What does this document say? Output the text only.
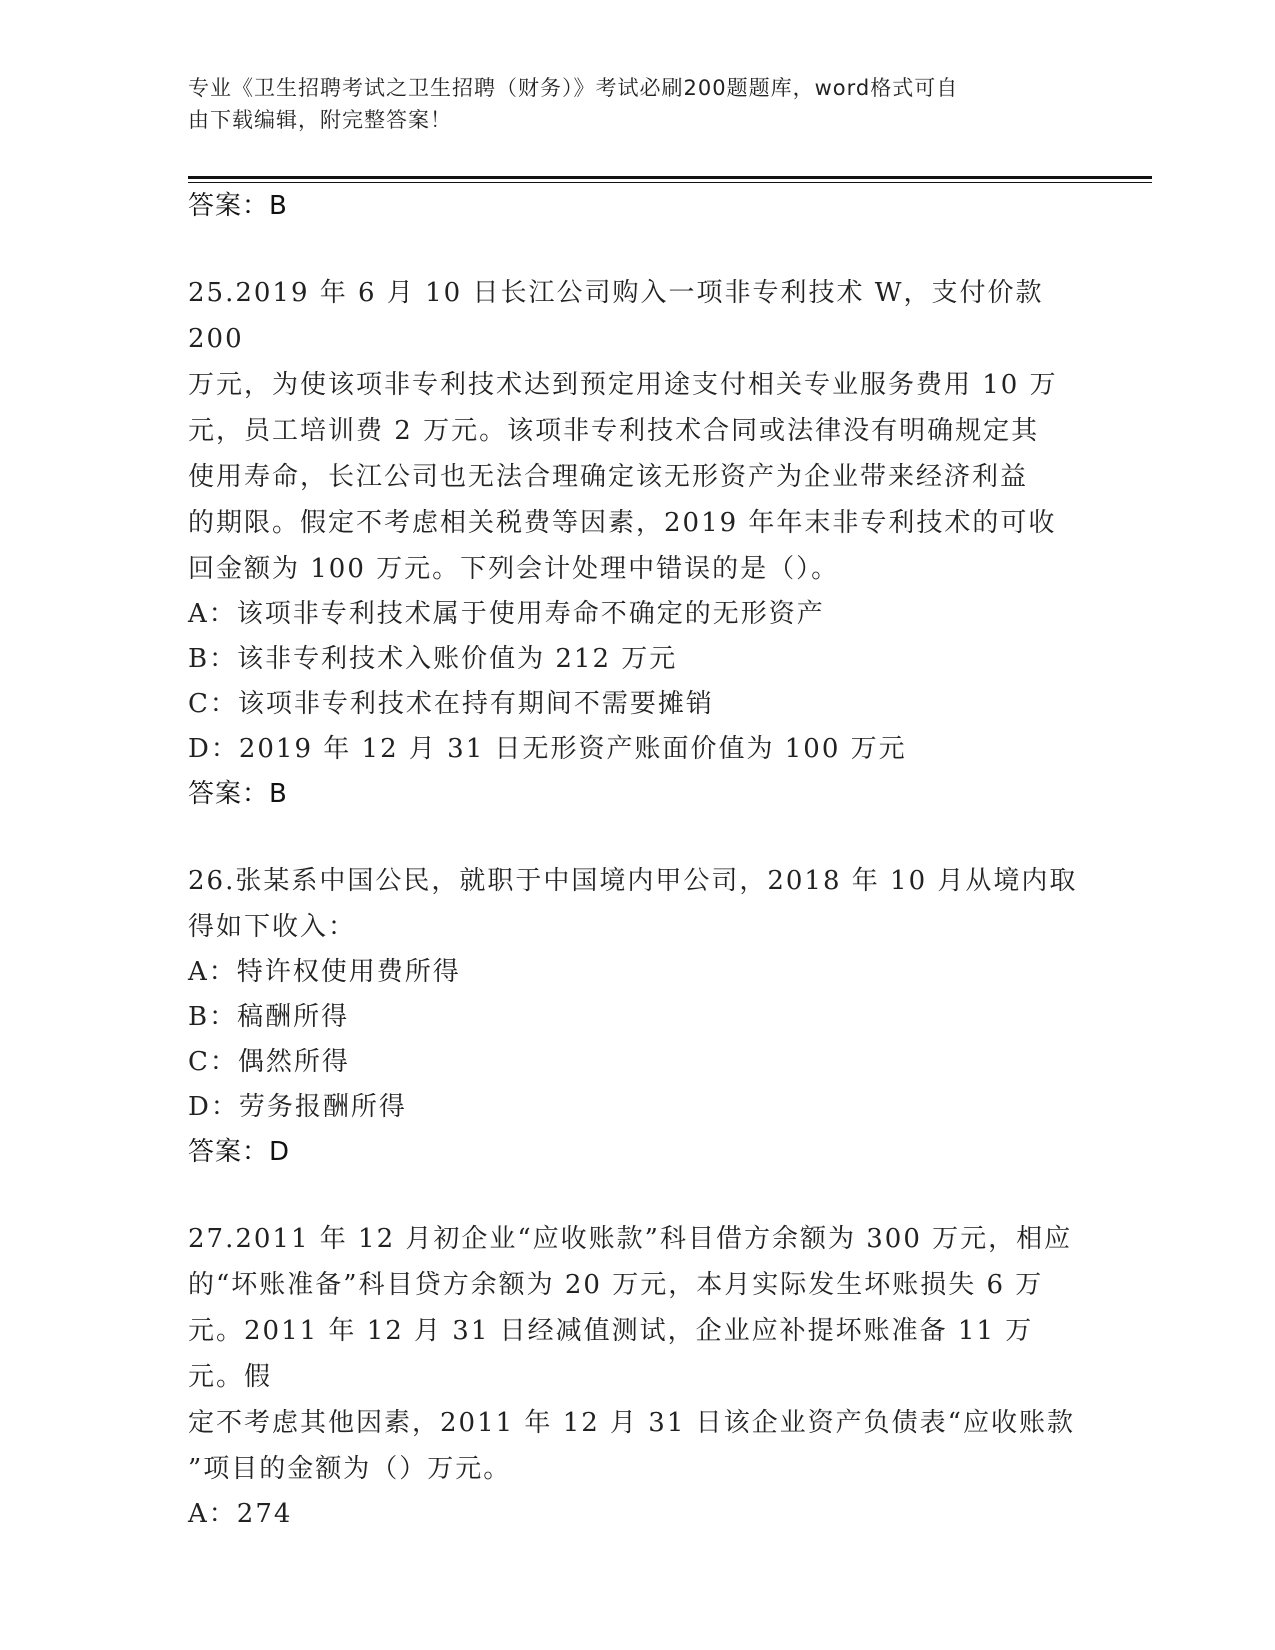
专业《卫生招聘考试之卫生招聘（财务）》考试必刷200题题库，word格式可自
由下载编辑，附完整答案！

答案：B

25.2019 年 6 月 10 日长江公司购入一项非专利技术 W，支付价款 200

万元，为使该项非专利技术达到预定用途支付相关专业服务费用 10 万

元，员工培训费 2 万元。该项非专利技术合同或法律没有明确规定其

使用寿命，长江公司也无法合理确定该无形资产为企业带来经济利益

的期限。假定不考虑相关税费等因素，2019 年年末非专利技术的可收

回金额为 100 万元。下列会计处理中错误的是（）。

A：该项非专利技术属于使用寿命不确定的无形资产

B：该非专利技术入账价值为 212 万元

C：该项非专利技术在持有期间不需要摊销

D：2019 年 12 月 31 日无形资产账面价值为 100 万元

答案：B

26.张某系中国公民，就职于中国境内甲公司，2018 年 10 月从境内取

得如下收入：

A：特许权使用费所得

B：稿酬所得

C：偶然所得

D：劳务报酬所得

答案：D

27.2011 年 12 月初企业“应收账款”科目借方余额为 300 万元，相应

的“坏账准备”科目贷方余额为 20 万元，本月实际发生坏账损失 6 万

元。2011 年 12 月 31 日经减值测试，企业应补提坏账准备 11 万元。假

定不考虑其他因素，2011 年 12 月 31 日该企业资产负债表“应收账款

”项目的金额为（）万元。

A：274
